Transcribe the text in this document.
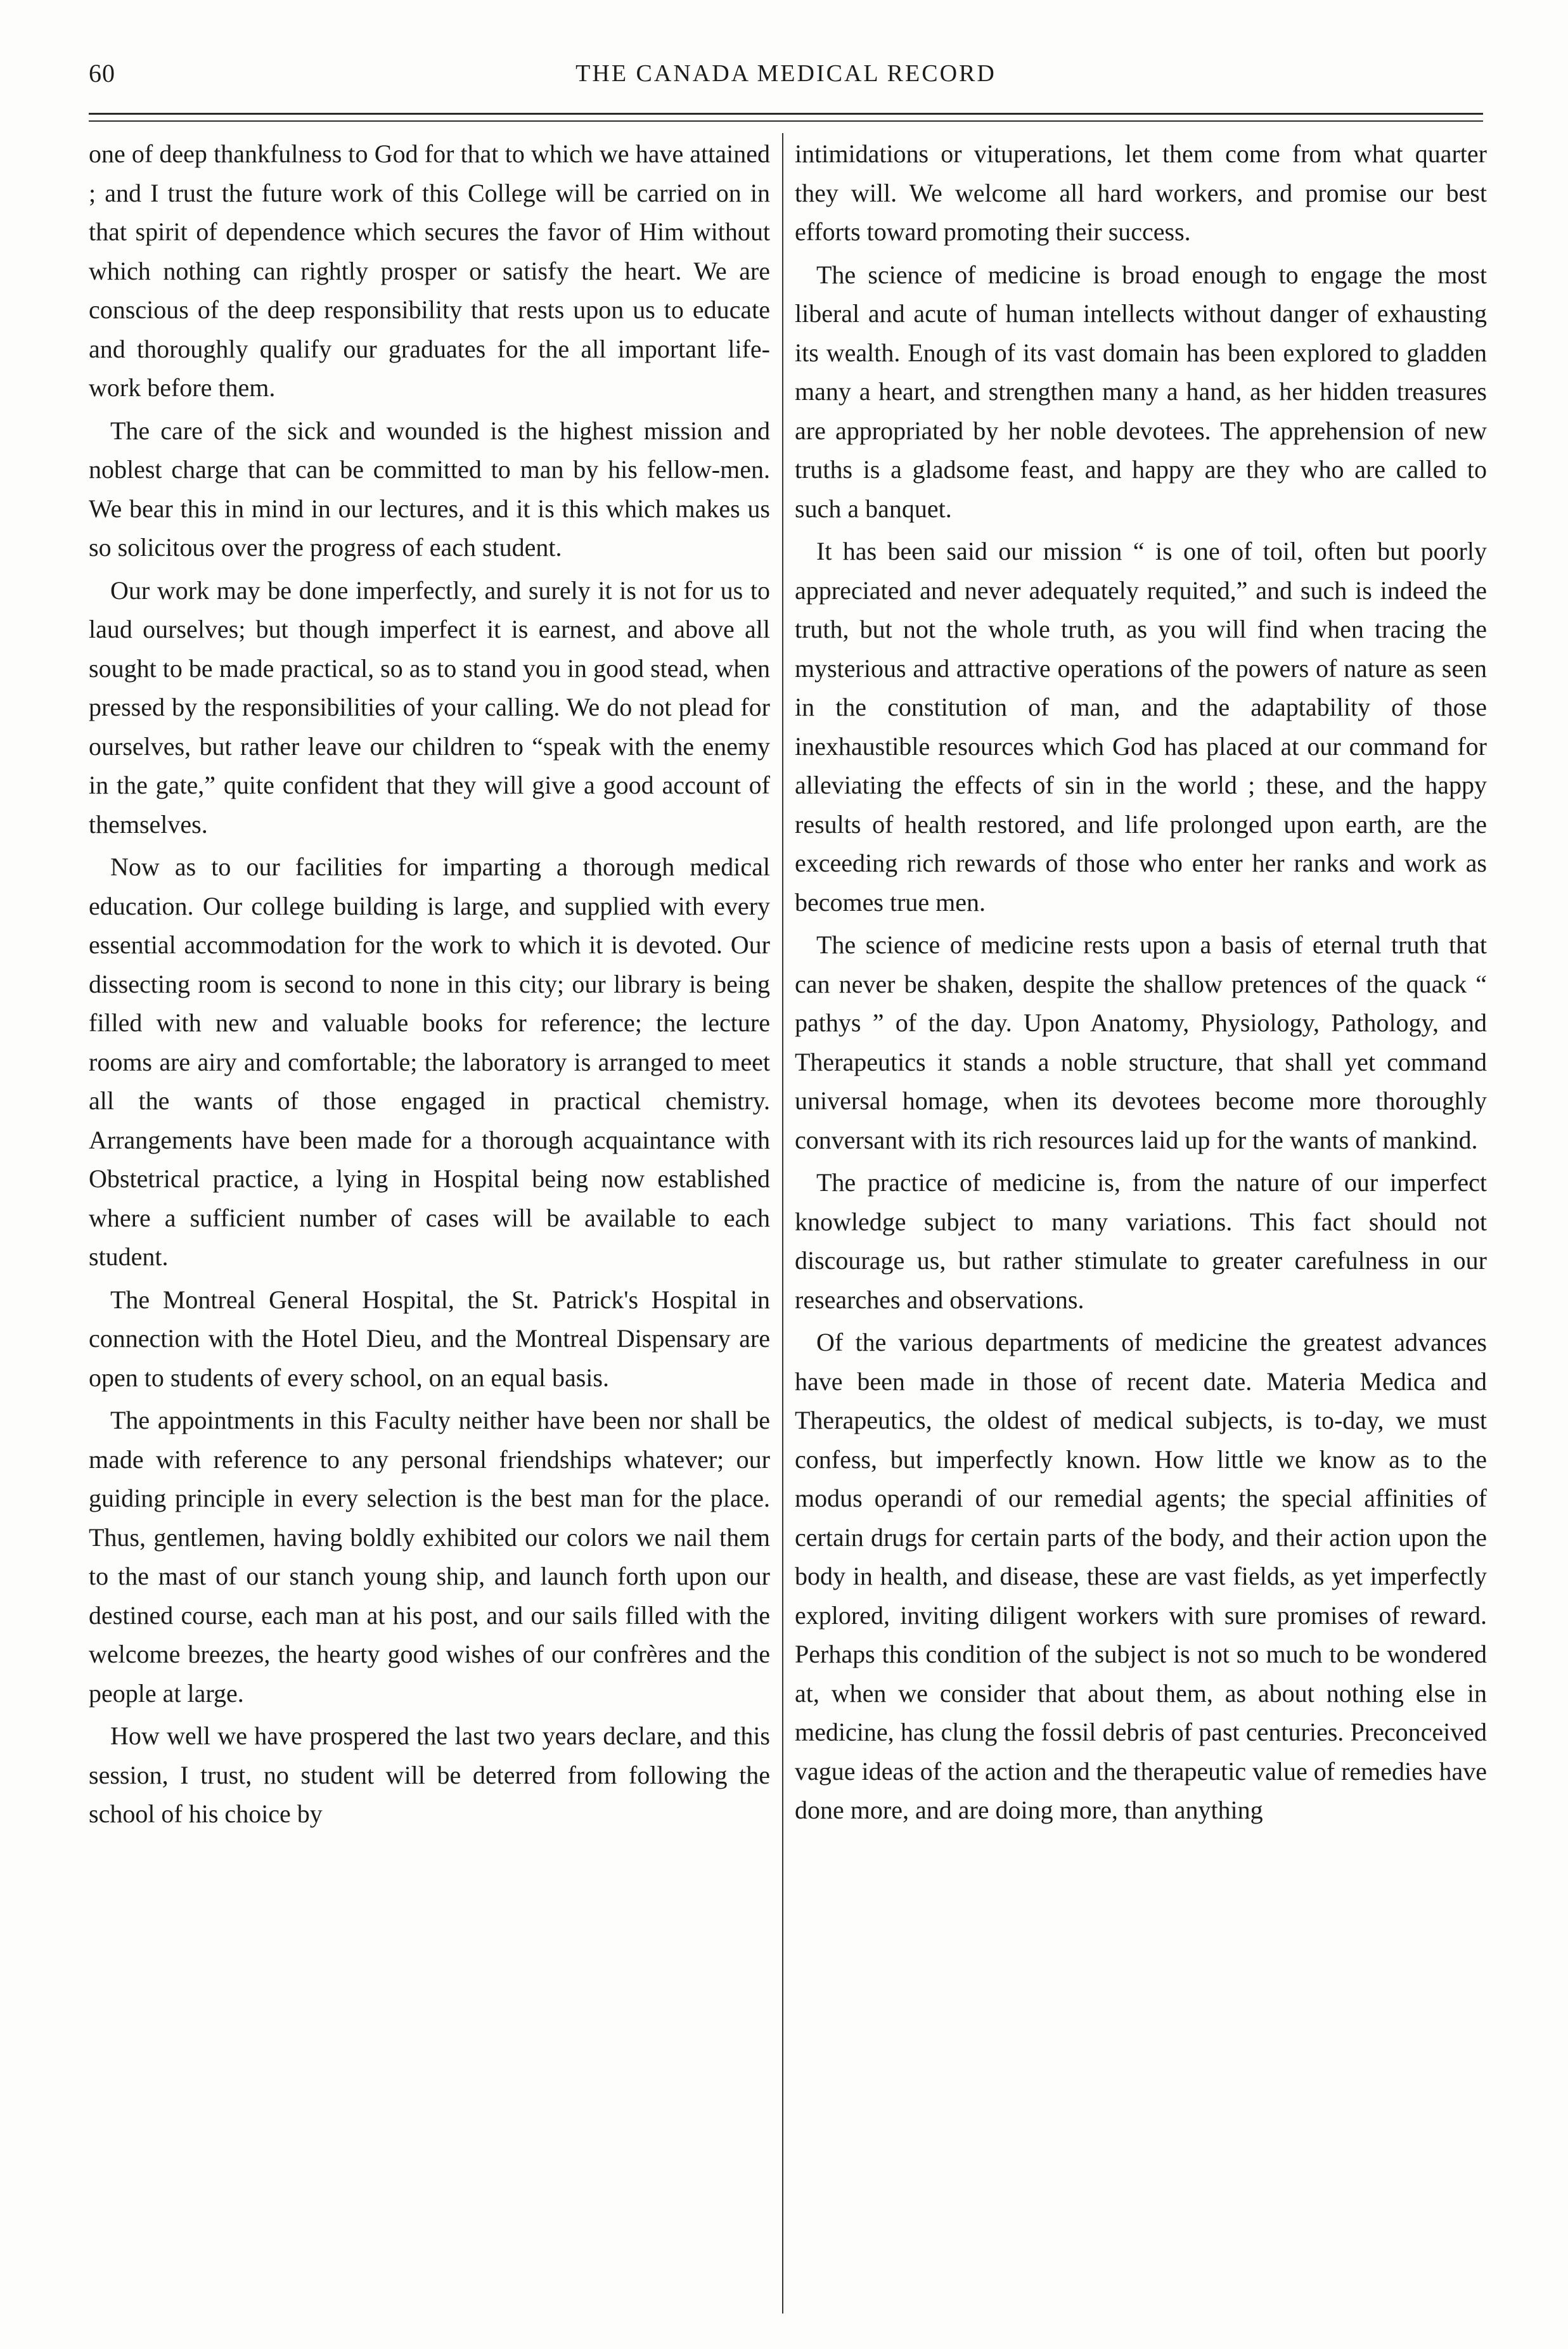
60	THE CANADA MEDICAL RECORD

one of deep thankfulness to God for that to which we have attained ; and I trust the future work of this College will be carried on in that spirit of dependence which secures the favor of Him without which nothing can rightly prosper or satisfy the heart. We are conscious of the deep responsibility that rests upon us to educate and thoroughly qualify our graduates for the all important life-work before them.

The care of the sick and wounded is the highest mission and noblest charge that can be committed to man by his fellow-men. We bear this in mind in our lectures, and it is this which makes us so solicitous over the progress of each student.

Our work may be done imperfectly, and surely it is not for us to laud ourselves; but though imperfect it is earnest, and above all sought to be made practical, so as to stand you in good stead, when pressed by the responsibilities of your calling. We do not plead for ourselves, but rather leave our children to “speak with the enemy in the gate,” quite confident that they will give a good account of themselves.

Now as to our facilities for imparting a thorough medical education. Our college building is large, and supplied with every essential accommodation for the work to which it is devoted. Our dissecting room is second to none in this city; our library is being filled with new and valuable books for reference; the lecture rooms are airy and comfortable; the laboratory is arranged to meet all the wants of those engaged in practical chemistry. Arrangements have been made for a thorough acquaintance with Obstetrical practice, a lying in Hospital being now established where a sufficient number of cases will be available to each student.

The Montreal General Hospital, the St. Patrick's Hospital in connection with the Hotel Dieu, and the Montreal Dispensary are open to students of every school, on an equal basis.

The appointments in this Faculty neither have been nor shall be made with reference to any personal friendships whatever; our guiding principle in every selection is the best man for the place. Thus, gentlemen, having boldly exhibited our colors we nail them to the mast of our stanch young ship, and launch forth upon our destined course, each man at his post, and our sails filled with the welcome breezes, the hearty good wishes of our confrères and the people at large.

How well we have prospered the last two years declare, and this session, I trust, no student will be deterred from following the school of his choice by

intimidations or vituperations, let them come from what quarter they will. We welcome all hard workers, and promise our best efforts toward promoting their success.

The science of medicine is broad enough to engage the most liberal and acute of human intellects without danger of exhausting its wealth. Enough of its vast domain has been explored to gladden many a heart, and strengthen many a hand, as her hidden treasures are appropriated by her noble devotees. The apprehension of new truths is a gladsome feast, and happy are they who are called to such a banquet.

It has been said our mission “ is one of toil, often but poorly appreciated and never adequately requited,” and such is indeed the truth, but not the whole truth, as you will find when tracing the mysterious and attractive operations of the powers of nature as seen in the constitution of man, and the adaptability of those inexhaustible resources which God has placed at our command for alleviating the effects of sin in the world ; these, and the happy results of health restored, and life prolonged upon earth, are the exceeding rich rewards of those who enter her ranks and work as becomes true men.

The science of medicine rests upon a basis of eternal truth that can never be shaken, despite the shallow pretences of the quack “ pathys ” of the day. Upon Anatomy, Physiology, Pathology, and Therapeutics it stands a noble structure, that shall yet command universal homage, when its devotees become more thoroughly conversant with its rich resources laid up for the wants of mankind.

The practice of medicine is, from the nature of our imperfect knowledge subject to many variations. This fact should not discourage us, but rather stimulate to greater carefulness in our researches and observations.

Of the various departments of medicine the greatest advances have been made in those of recent date. Materia Medica and Therapeutics, the oldest of medical subjects, is to-day, we must confess, but imperfectly known. How little we know as to the modus operandi of our remedial agents; the special affinities of certain drugs for certain parts of the body, and their action upon the body in health, and disease, these are vast fields, as yet imperfectly explored, inviting diligent workers with sure promises of reward. Perhaps this condition of the subject is not so much to be wondered at, when we consider that about them, as about nothing else in medicine, has clung the fossil debris of past centuries. Preconceived vague ideas of the action and the therapeutic value of remedies have done more, and are doing more, than anything
